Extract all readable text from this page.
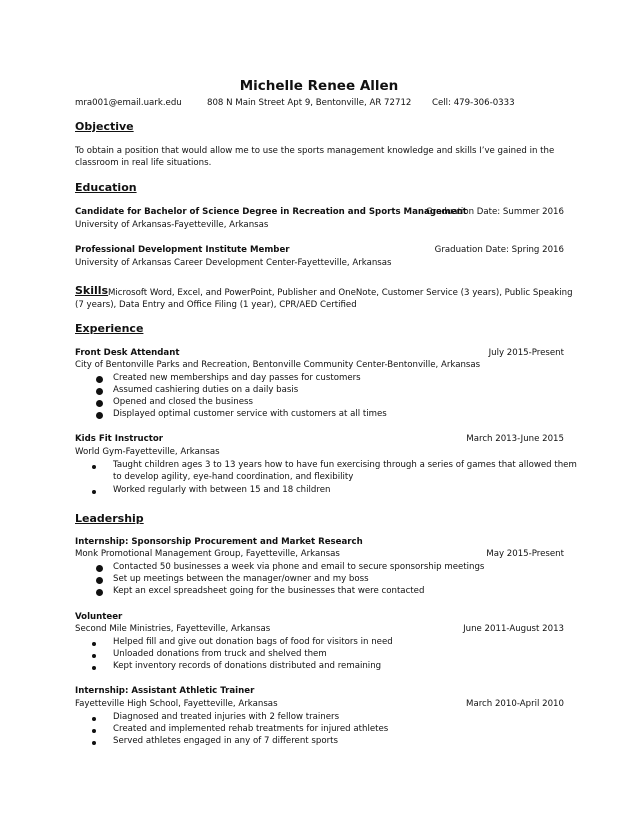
Michelle Renee Allen
mra001@email.uark.edu	808 N Main Street Apt 9, Bentonville, AR 72712 Cell: 479-306-0333
Objective
To obtain a position that would allow me to use the sports management knowledge and skills I’ve gained in the
classroom in real life situations.
Education
Candidate for Bachelor of Science Degree in Recreation and Sports Management
Graduation Date: Summer 2016
University of Arkansas-Fayetteville, Arkansas
Professional Development Institute Member	Graduation Date: Spring 2016
University of Arkansas Career Development Center-Fayetteville, Arkansas
Skills Microsoft Word, Excel, and PowerPoint, Publisher and OneNote, Customer Service (3 years), Public Speaking
(7 years), Data Entry and Office Filing (1 year), CPR/AED Certified
Experience
Front Desk Attendant	July 2015-Present
City of Bentonville Parks and Recreation, Bentonville Community Center-Bentonville, Arkansas
Created new memberships and day passes for customers
Assumed cashiering duties on a daily basis
Opened and closed the business
Displayed optimal customer service with customers at all times
Kids Fit Instructor	March 2013-June 2015
World Gym-Fayetteville, Arkansas
Taught children ages 3 to 13 years how to have fun exercising through a series of games that allowed them
to develop agility, eye-hand coordination, and flexibility
Worked regularly with between 15 and 18 children
Leadership
Internship: Sponsorship Procurement and Market Research
Monk Promotional Management Group, Fayetteville, Arkansas	May 2015-Present
Contacted 50 businesses a week via phone and email to secure sponsorship meetings
Set up meetings between the manager/owner and my boss
Kept an excel spreadsheet going for the businesses that were contacted
Volunteer
Second Mile Ministries, Fayetteville, Arkansas	June 2011-August 2013
Helped fill and give out donation bags of food for visitors in need
Unloaded donations from truck and shelved them
Kept inventory records of donations distributed and remaining
Internship: Assistant Athletic Trainer
Fayetteville High School, Fayetteville, Arkansas	March 2010-April 2010
Diagnosed and treated injuries with 2 fellow trainers
Created and implemented rehab treatments for injured athletes
Served athletes engaged in any of 7 different sports
